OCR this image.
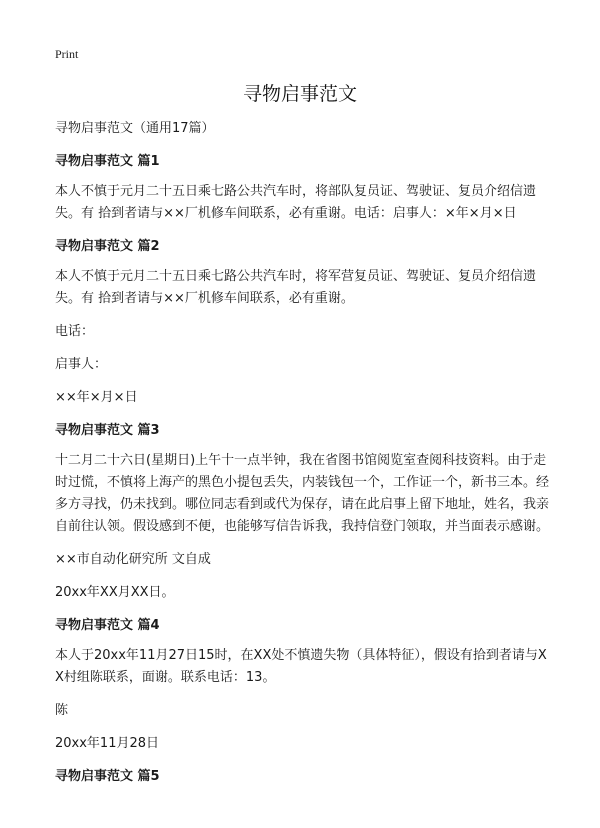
Print
寻物启事范文

寻物启事范文（通用17篇）

寻物启事范文 篇1

本人不慎于元月二十五日乘七路公共汽车时，将部队复员证、驾驶证、复员介绍信遗失。有 拾到者请与××厂机修车间联系，必有重谢。电话：启事人：×年×月×日

寻物启事范文 篇2

本人不慎于元月二十五日乘七路公共汽车时，将军营复员证、驾驶证、复员介绍信遗失。有 拾到者请与××厂机修车间联系，必有重谢。

电话：

启事人：

××年×月×日

寻物启事范文 篇3

十二月二十六日(星期日)上午十一点半钟，我在省图书馆阅览室查阅科技资料。由于走时过慌，不慎将上海产的黑色小提包丢失，内装钱包一个，工作证一个，新书三本。经多方寻找，仍未找到。哪位同志看到或代为保存，请在此启事上留下地址，姓名，我亲自前往认领。假设感到不便，也能够写信告诉我，我持信登门领取，并当面表示感谢。

××市自动化研究所 文自成

20xx年XX月XX日。

寻物启事范文 篇4

本人于20xx年11月27日15时，在XX处不慎遗失物（具体特征），假设有拾到者请与XX村组陈联系，面谢。联系电话：13。

陈

20xx年11月28日

寻物启事范文 篇5
